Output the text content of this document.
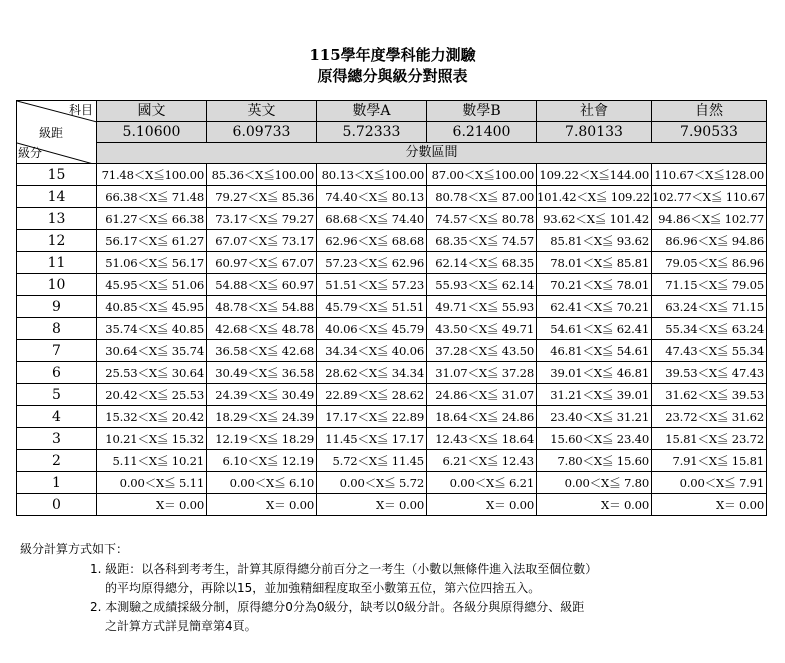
115學年度學科能力測驗
原得總分與級分對照表
科目
級距
級分	國文	英文	數學A	數學B	社會	自然
	5.10600	6.09733	5.72333	6.21400	7.80133	7.90533
	分數區間					
15	71.48＜X≦100.00	85.36＜X≦100.00	80.13＜X≦100.00	87.00＜X≦100.00	109.22＜X≦144.00	110.67＜X≦128.00
14	66.38＜X≦ 71.48	79.27＜X≦ 85.36	74.40＜X≦ 80.13	80.78＜X≦ 87.00	101.42＜X≦ 109.22	102.77＜X≦ 110.67
13	61.27＜X≦ 66.38	73.17＜X≦ 79.27	68.68＜X≦ 74.40	74.57＜X≦ 80.78	93.62＜X≦ 101.42	94.86＜X≦ 102.77
12	56.17＜X≦ 61.27	67.07＜X≦ 73.17	62.96＜X≦ 68.68	68.35＜X≦ 74.57	85.81＜X≦ 93.62	86.96＜X≦ 94.86
11	51.06＜X≦ 56.17	60.97＜X≦ 67.07	57.23＜X≦ 62.96	62.14＜X≦ 68.35	78.01＜X≦ 85.81	79.05＜X≦ 86.96
10	45.95＜X≦ 51.06	54.88＜X≦ 60.97	51.51＜X≦ 57.23	55.93＜X≦ 62.14	70.21＜X≦ 78.01	71.15＜X≦ 79.05
9	40.85＜X≦ 45.95	48.78＜X≦ 54.88	45.79＜X≦ 51.51	49.71＜X≦ 55.93	62.41＜X≦ 70.21	63.24＜X≦ 71.15
8	35.74＜X≦ 40.85	42.68＜X≦ 48.78	40.06＜X≦ 45.79	43.50＜X≦ 49.71	54.61＜X≦ 62.41	55.34＜X≦ 63.24
7	30.64＜X≦ 35.74	36.58＜X≦ 42.68	34.34＜X≦ 40.06	37.28＜X≦ 43.50	46.81＜X≦ 54.61	47.43＜X≦ 55.34
6	25.53＜X≦ 30.64	30.49＜X≦ 36.58	28.62＜X≦ 34.34	31.07＜X≦ 37.28	39.01＜X≦ 46.81	39.53＜X≦ 47.43
5	20.42＜X≦ 25.53	24.39＜X≦ 30.49	22.89＜X≦ 28.62	24.86＜X≦ 31.07	31.21＜X≦ 39.01	31.62＜X≦ 39.53
4	15.32＜X≦ 20.42	18.29＜X≦ 24.39	17.17＜X≦ 22.89	18.64＜X≦ 24.86	23.40＜X≦ 31.21	23.72＜X≦ 31.62
3	10.21＜X≦ 15.32	12.19＜X≦ 18.29	11.45＜X≦ 17.17	12.43＜X≦ 18.64	15.60＜X≦ 23.40	15.81＜X≦ 23.72
2	5.11＜X≦ 10.21	6.10＜X≦ 12.19	5.72＜X≦ 11.45	6.21＜X≦ 12.43	7.80＜X≦ 15.60	7.91＜X≦ 15.81
1	0.00＜X≦ 5.11	0.00＜X≦ 6.10	0.00＜X≦ 5.72	0.00＜X≦ 6.21	0.00＜X≦ 7.80	0.00＜X≦ 7.91
0	X＝ 0.00	X＝ 0.00	X＝ 0.00	X＝ 0.00	X＝ 0.00	X＝ 0.00
級分計算方式如下：
1. 級距：以各科到考考生，計算其原得總分前百分之一考生（小數以無條件進入法取至個位數）
的平均原得總分，再除以15，並加強精細程度取至小數第五位，第六位四捨五入。
2. 本測驗之成績採級分制，原得總分0分為0級分，缺考以0級分計。各級分與原得總分、級距
之計算方式詳見簡章第4頁。
